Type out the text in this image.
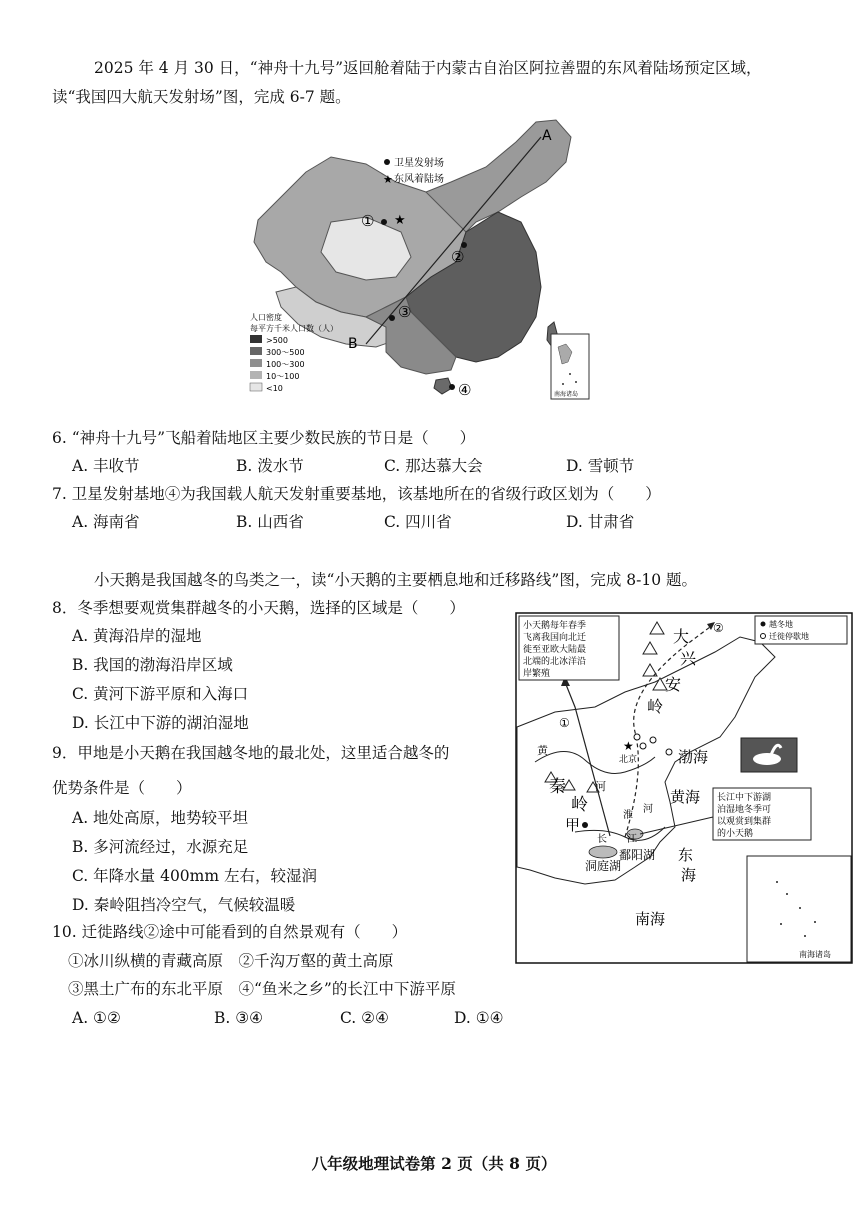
2025 年 4 月 30 日，“神舟十九号”返回舱着陆于内蒙古自治区阿拉善盟的东风着陆场预定区域，
读“我国四大航天发射场”图，完成 6-7 题。
A
B
卫星发射场
★ 东风着陆场
① ★
②
③
④
人口密度
每平方千米人口数（人）
>500
300～500
100～300
10～100
<10
南海诸岛
6. “神舟十九号”飞船着陆地区主要少数民族的节日是（　　）
A. 丰收节	B. 泼水节	C. 那达慕大会	D. 雪顿节
7. 卫星发射基地④为我国载人航天发射重要基地，该基地所在的省级行政区划为（　　）
A. 海南省	B. 山西省	C. 四川省	D. 甘肃省
小天鹅是我国越冬的鸟类之一，读“小天鹅的主要栖息地和迁移路线”图，完成 8-10 题。
8．冬季想要观赏集群越冬的小天鹅，选择的区域是（　　）
A. 黄海沿岸的湿地
B. 我国的渤海沿岸区域
C. 黄河下游平原和入海口
D. 长江中下游的湖泊湿地
9．甲地是小天鹅在我国越冬地的最北处，这里适合越冬的
优势条件是（　　）
A. 地处高原，地势较平坦
B. 多河流经过，水源充足
C. 年降水量 400mm 左右，较湿润
D. 秦岭阻挡冷空气，气候较温暖
10. 迁徙路线②途中可能看到的自然景观有（　　）
①冰川纵横的青藏高原　②千沟万壑的黄土高原
③黑土广布的东北平原　④“鱼米之乡”的长江中下游平原
A. ①②	B. ③④	C. ②④	D. ①④
①
②
小天鹅每年春季
飞离我国向北迁
徙至亚欧大陆最
北端的北冰洋沿
岸繁殖
越冬地
迁徙停歇地
大
兴
安
岭
★
北京	渤海
黄海
东
海
南海
黄
河
秦
岭
甲
长 江
淮
河
洞庭湖
鄱阳湖
长江中下游湖
泊湿地冬季可
以观赏到集群
的小天鹅
南海诸岛
八年级地理试卷第 2 页（共 8 页）
